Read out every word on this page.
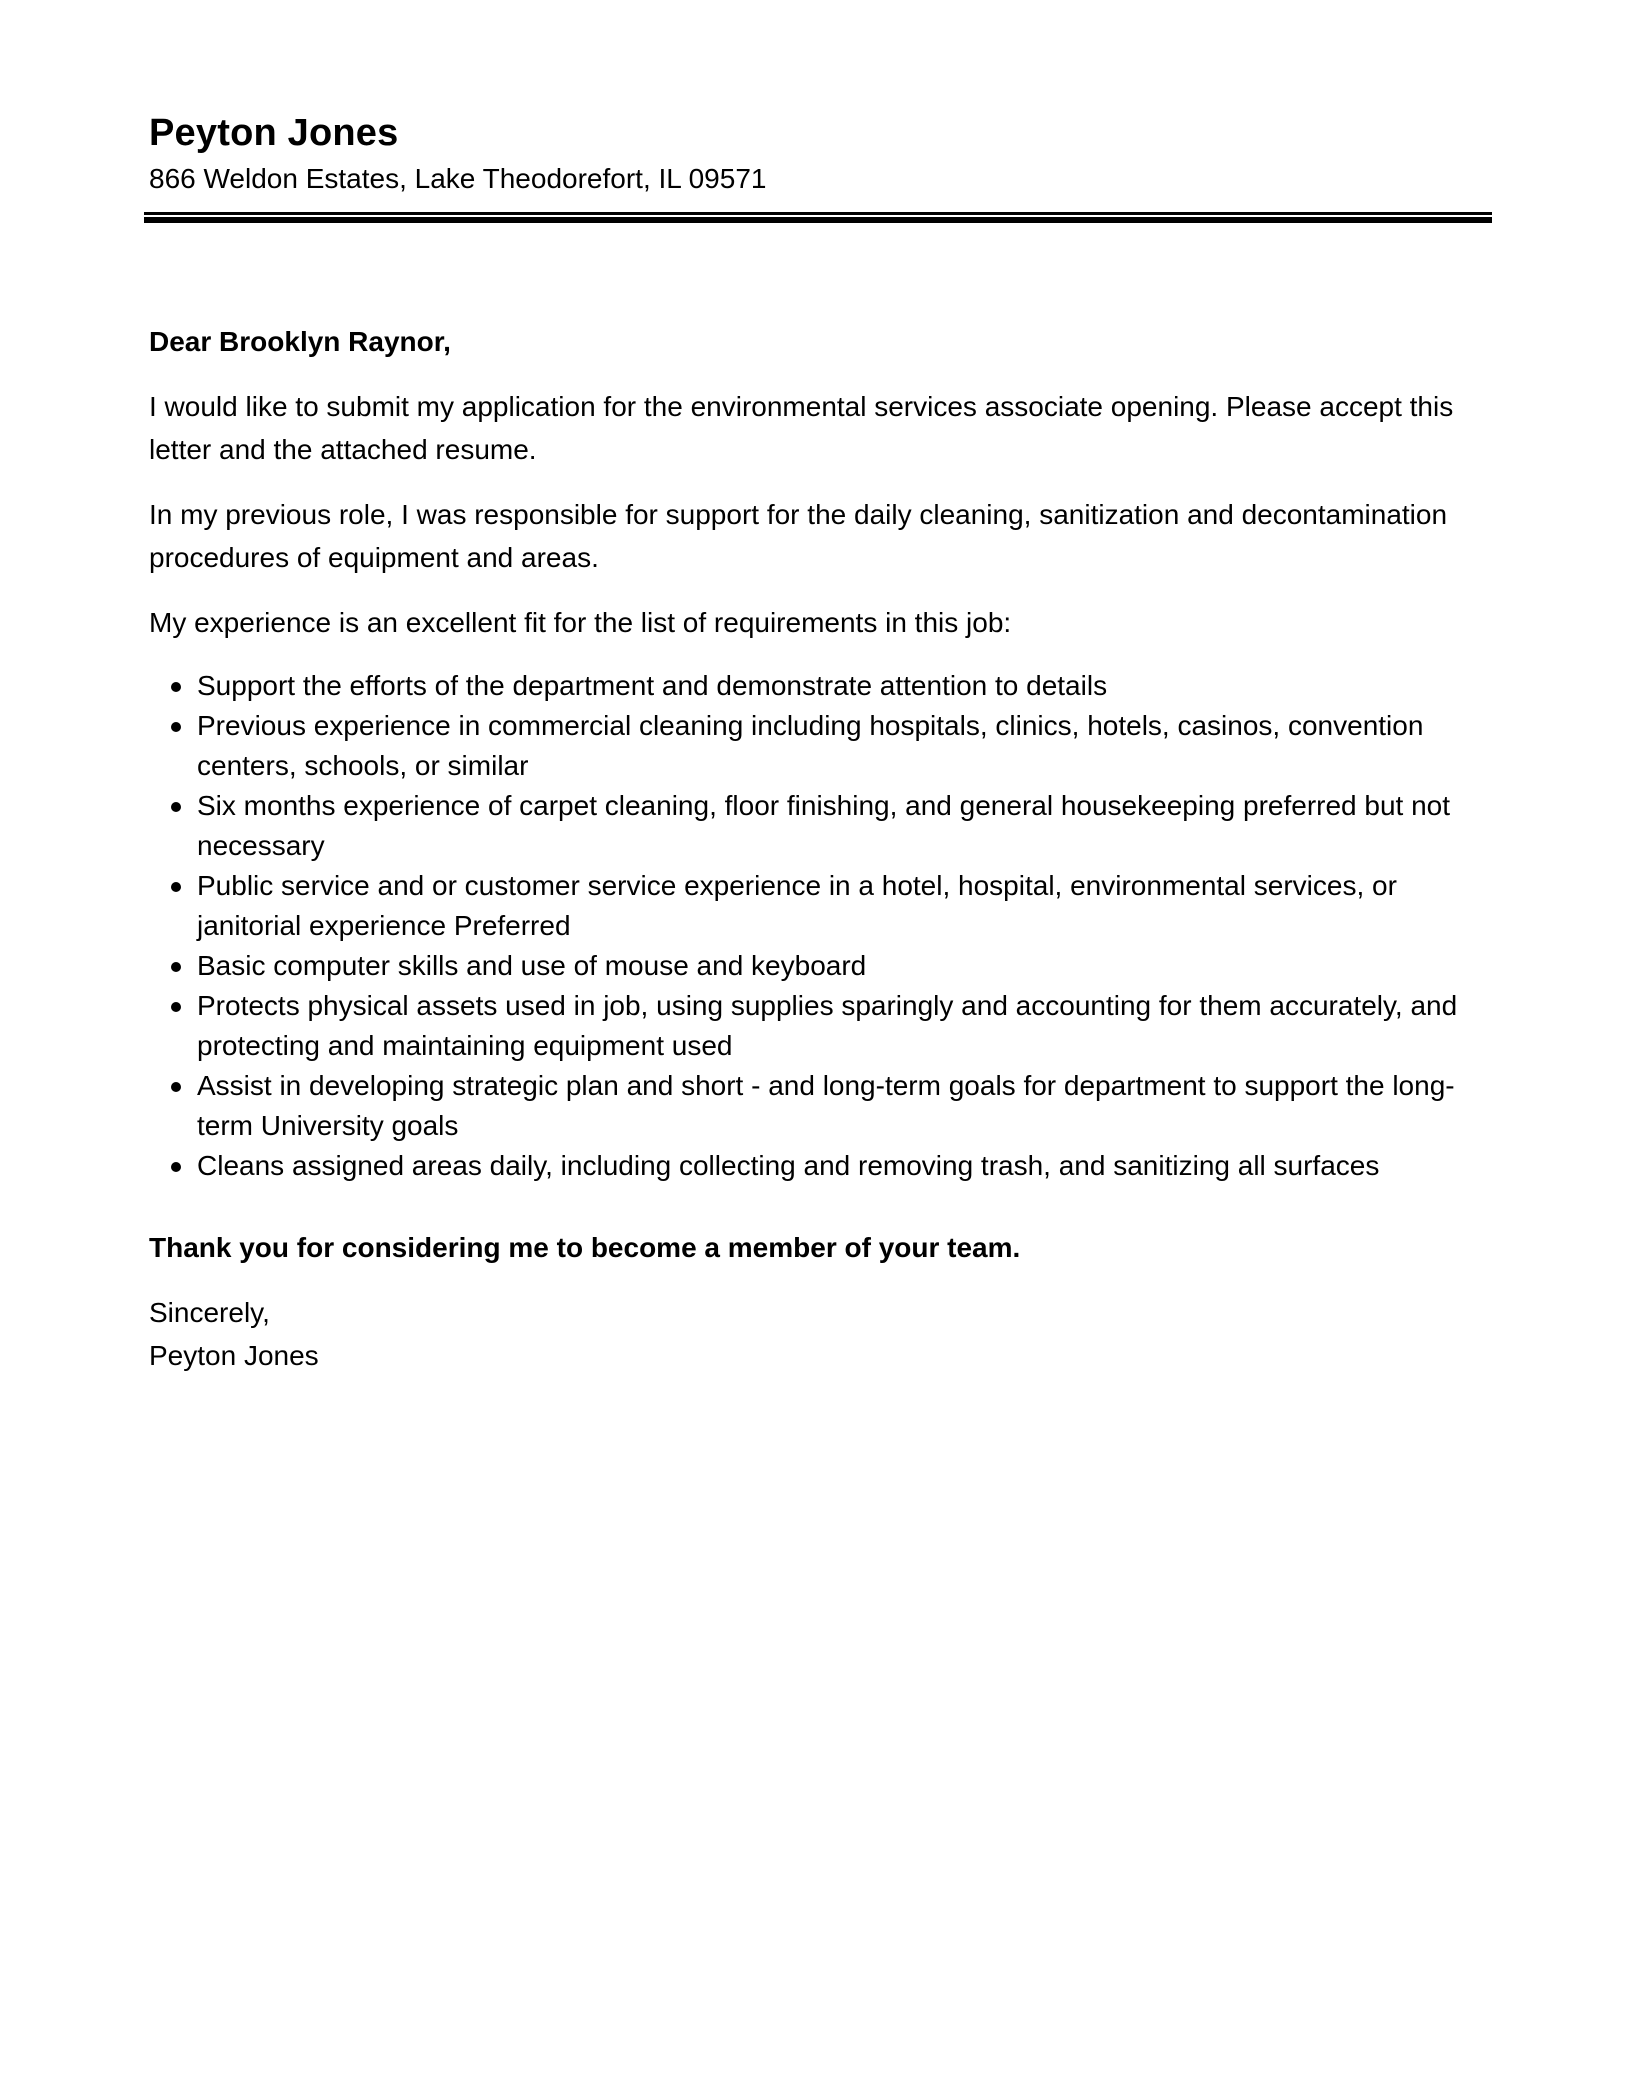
Peyton Jones
866 Weldon Estates, Lake Theodorefort, IL 09571

Dear Brooklyn Raynor,

I would like to submit my application for the environmental services associate opening. Please accept this letter and the attached resume.

In my previous role, I was responsible for support for the daily cleaning, sanitization and decontamination procedures of equipment and areas.

My experience is an excellent fit for the list of requirements in this job:

Support the efforts of the department and demonstrate attention to details
Previous experience in commercial cleaning including hospitals, clinics, hotels, casinos, convention centers, schools, or similar
Six months experience of carpet cleaning, floor finishing, and general housekeeping preferred but not necessary
Public service and or customer service experience in a hotel, hospital, environmental services, or janitorial experience Preferred
Basic computer skills and use of mouse and keyboard
Protects physical assets used in job, using supplies sparingly and accounting for them accurately, and protecting and maintaining equipment used
Assist in developing strategic plan and short - and long-term goals for department to support the long-term University goals
Cleans assigned areas daily, including collecting and removing trash, and sanitizing all surfaces

Thank you for considering me to become a member of your team.

Sincerely,

Peyton Jones
